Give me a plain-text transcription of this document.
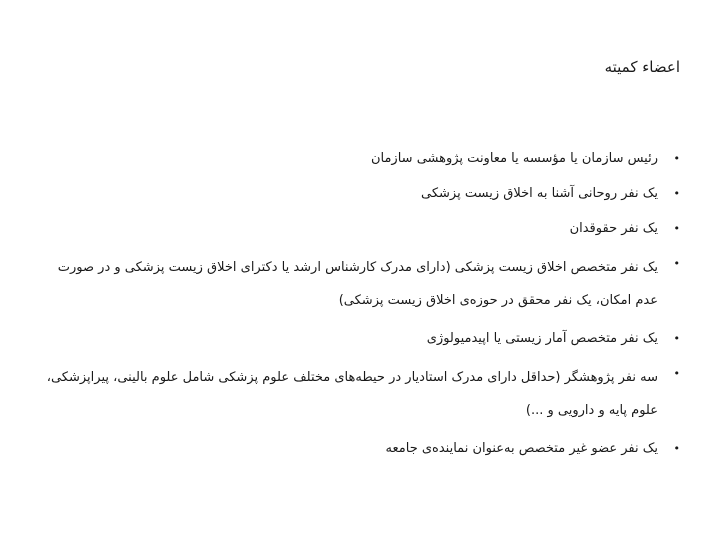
اعضاء کمیته
•
رئیس سازمان یا مؤسسه یا معاونت پژوهشی سازمان
•
یک نفر روحانی آشنا به اخلاق زیست پزشکی
•
یک نفر حقوقدان
•
یک نفر متخصص اخلاق زیست پزشکی (دارای مدرک کارشناس ارشد یا دکترای اخلاق زیست پزشکی و در صورت عدم امکان، یک نفر محقق در حوزه‌ی اخلاق زیست پزشکی)
•
یک نفر متخصص آمار زیستی یا اپیدمیولوژی
•
سه نفر پژوهشگر (حداقل دارای مدرک استادیار در حیطه‌های مختلف علوم پزشکی شامل علوم بالینی، پیراپزشکی، علوم پایه و دارویی و ...)
•
یک نفر عضو غیر متخصص به‌عنوان نماینده‌ی جامعه
